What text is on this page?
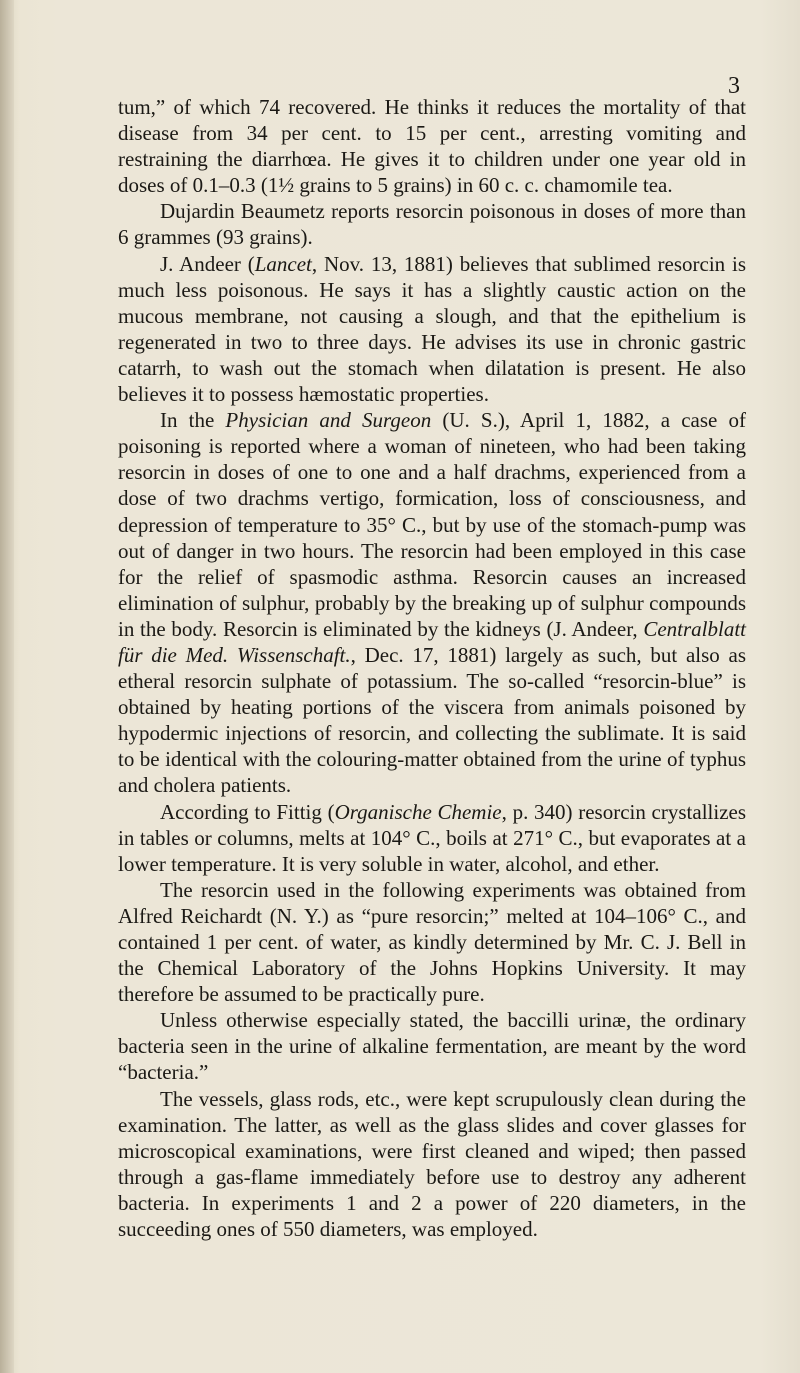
3

tum,” of which 74 recovered. He thinks it reduces the mortality of that disease from 34 per cent. to 15 per cent., arresting vomiting and restraining the diarrhœa. He gives it to children under one year old in doses of 0.1–0.3 (1½ grains to 5 grains) in 60 c. c. chamomile tea.

Dujardin Beaumetz reports resorcin poisonous in doses of more than 6 grammes (93 grains).

J. Andeer (Lancet, Nov. 13, 1881) believes that sublimed resorcin is much less poisonous. He says it has a slightly caustic action on the mucous membrane, not causing a slough, and that the epithelium is regenerated in two to three days. He advises its use in chronic gastric catarrh, to wash out the stomach when dilatation is present. He also believes it to possess hæmostatic properties.

In the Physician and Surgeon (U. S.), April 1, 1882, a case of poisoning is reported where a woman of nineteen, who had been taking resorcin in doses of one to one and a half drachms, experienced from a dose of two drachms vertigo, formication, loss of consciousness, and depression of temperature to 35° C., but by use of the stomach-pump was out of danger in two hours. The resorcin had been employed in this case for the relief of spasmodic asthma. Resorcin causes an increased elimination of sulphur, probably by the breaking up of sulphur compounds in the body. Resorcin is eliminated by the kidneys (J. Andeer, Centralblatt für die Med. Wissenschaft., Dec. 17, 1881) largely as such, but also as etheral resorcin sulphate of potassium. The so-called “resorcin-blue” is obtained by heating portions of the viscera from animals poisoned by hypodermic injections of resorcin, and collecting the sublimate. It is said to be identical with the colouring-matter obtained from the urine of typhus and cholera patients.

According to Fittig (Organische Chemie, p. 340) resorcin crystallizes in tables or columns, melts at 104° C., boils at 271° C., but evaporates at a lower temperature. It is very soluble in water, alcohol, and ether.

The resorcin used in the following experiments was obtained from Alfred Reichardt (N. Y.) as “pure resorcin;” melted at 104–106° C., and contained 1 per cent. of water, as kindly determined by Mr. C. J. Bell in the Chemical Laboratory of the Johns Hopkins University. It may therefore be assumed to be practically pure.

Unless otherwise especially stated, the baccilli urinæ, the ordinary bacteria seen in the urine of alkaline fermentation, are meant by the word “bacteria.”

The vessels, glass rods, etc., were kept scrupulously clean during the examination. The latter, as well as the glass slides and cover glasses for microscopical examinations, were first cleaned and wiped; then passed through a gas-flame immediately before use to destroy any adherent bacteria. In experiments 1 and 2 a power of 220 diameters, in the succeeding ones of 550 diameters, was employed.
